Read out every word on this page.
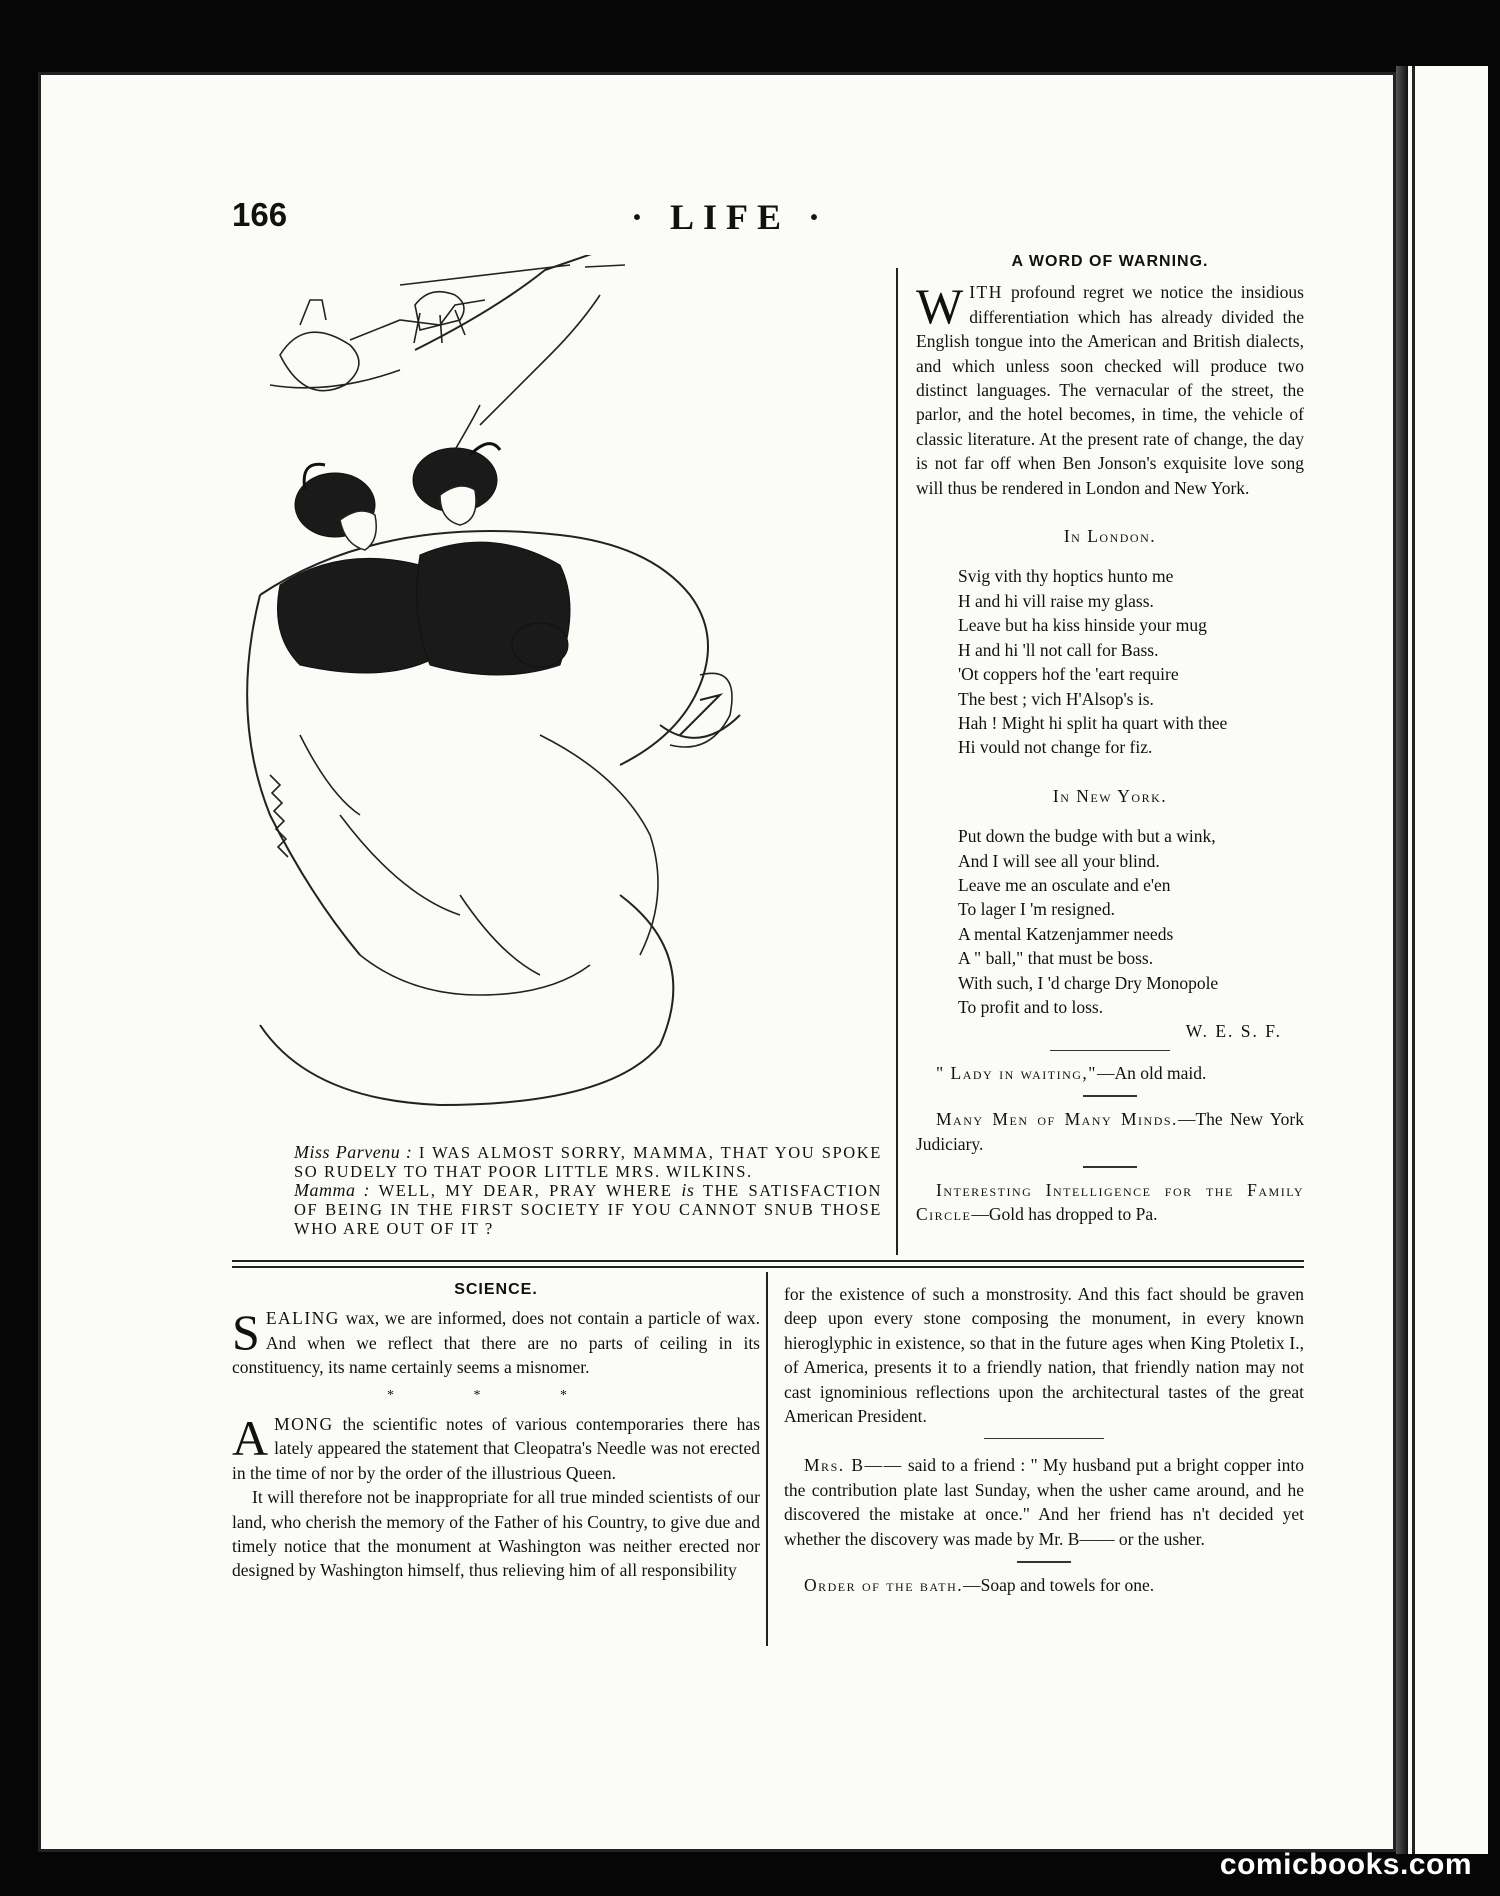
166	· LIFE ·
Miss Parvenu : I WAS ALMOST SORRY, MAMMA, THAT YOU SPOKE SO RUDELY TO THAT POOR LITTLE MRS. WILKINS.
Mamma : WELL, MY DEAR, PRAY WHERE is THE SATISFACTION OF BEING IN THE FIRST SOCIETY IF YOU CANNOT SNUB THOSE WHO ARE OUT OF IT ?
A WORD OF WARNING.

W ITH profound regret we notice the insidious differentiation which has already divided the English tongue into the American and British dialects, and which unless soon checked will produce two distinct languages. The vernacular of the street, the parlor, and the hotel becomes, in time, the vehicle of classic literature. At the present rate of change, the day is not far off when Ben Jonson's exquisite love song will thus be rendered in London and New York.

In London.
Svig vith thy hoptics hunto me
H and hi vill raise my glass.
Leave but ha kiss hinside your mug
H and hi 'll not call for Bass.
'Ot coppers hof the 'eart require
The best ; vich H'Alsop's is.
Hah ! Might hi split ha quart with thee
Hi vould not change for fiz.
In New York.
Put down the budge with but a wink,
And I will see all your blind.
Leave me an osculate and e'en
To lager I 'm resigned.
A mental Katzenjammer needs
A " ball," that must be boss.
With such, I 'd charge Dry Monopole
To profit and to loss.
W. E. S. F.

" Lady in waiting,"—An old maid.

Many Men of Many Minds.—The New York Judiciary.

Interesting Intelligence for the Family Circle—Gold has dropped to Pa.

SCIENCE.

S EALING wax, we are informed, does not contain a particle of wax. And when we reflect that there are no parts of ceiling in its constituency, its name certainly seems a misnomer.

* * *

A MONG the scientific notes of various contemporaries there has lately appeared the statement that Cleopatra's Needle was not erected in the time of nor by the order of the illustrious Queen.

It will therefore not be inappropriate for all true minded scientists of our land, who cherish the memory of the Father of his Country, to give due and timely notice that the monument at Washington was neither erected nor designed by Washington himself, thus relieving him of all responsibility

for the existence of such a monstrosity. And this fact should be graven deep upon every stone composing the monument, in every known hieroglyphic in existence, so that in the future ages when King Ptoletix I., of America, presents it to a friendly nation, that friendly nation may not cast ignominious reflections upon the architectural tastes of the great American President.

Mrs. B—— said to a friend : " My husband put a bright copper into the contribution plate last Sunday, when the usher came around, and he discovered the mistake at once." And her friend has n't decided yet whether the discovery was made by Mr. B—— or the usher.

Order of the bath.—Soap and towels for one.

comicbooks.com
